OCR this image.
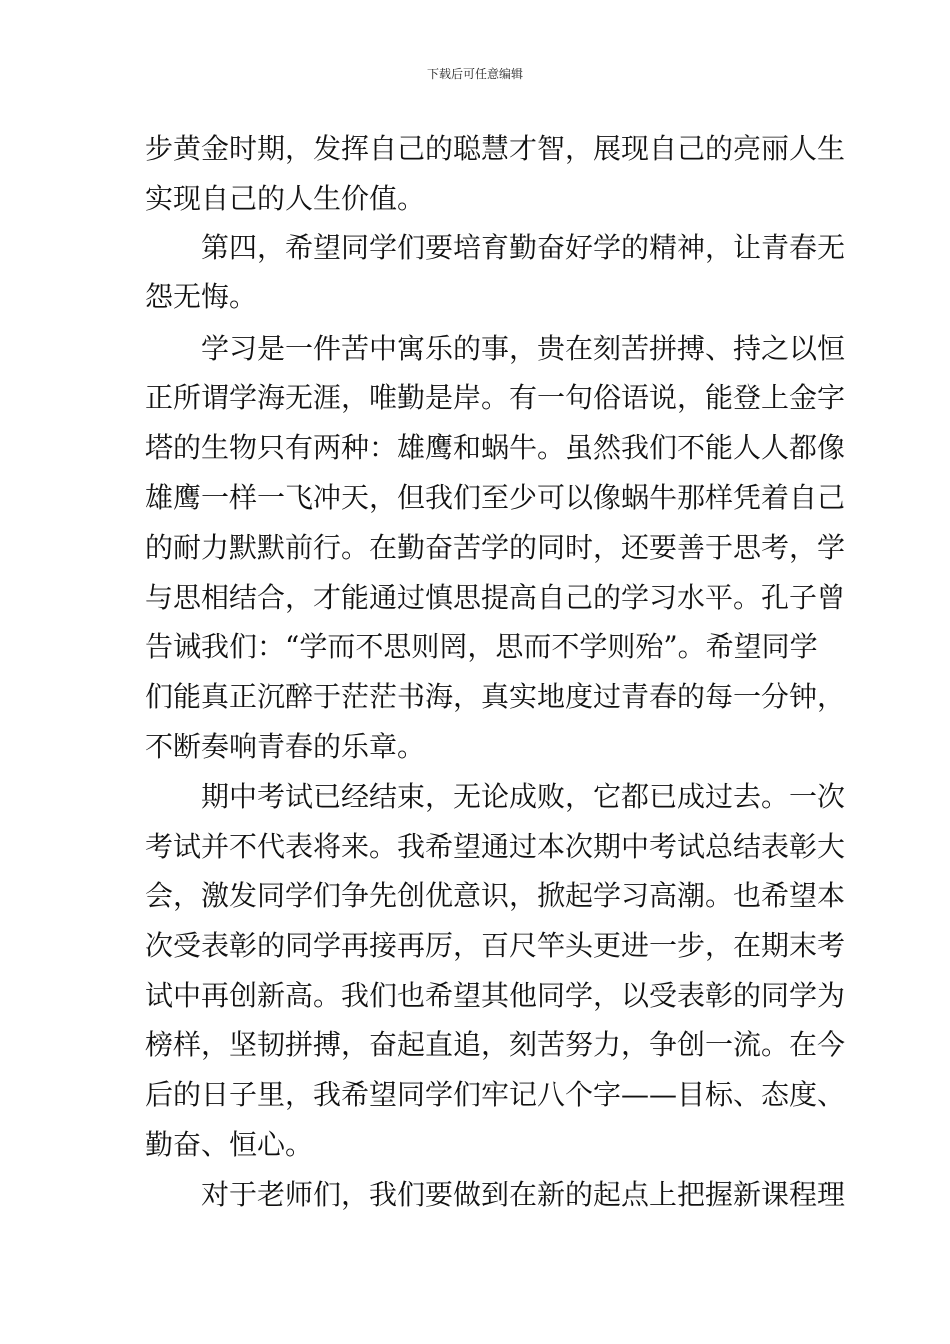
下载后可任意编辑
步黄金时期，发挥自己的聪慧才智，展现自己的亮丽人生
实现自己的人生价值。
　　第四，希望同学们要培育勤奋好学的精神，让青春无
怨无悔。
　　学习是一件苦中寓乐的事，贵在刻苦拼搏、持之以恒
正所谓学海无涯，唯勤是岸。有一句俗语说，能登上金字
塔的生物只有两种：雄鹰和蜗牛。虽然我们不能人人都像
雄鹰一样一飞冲天，但我们至少可以像蜗牛那样凭着自己
的耐力默默前行。在勤奋苦学的同时，还要善于思考，学
与思相结合，才能通过慎思提高自己的学习水平。孔子曾
告诫我们：“学而不思则罔，思而不学则殆”。希望同学
们能真正沉醉于茫茫书海，真实地度过青春的每一分钟，
不断奏响青春的乐章。
　　期中考试已经结束，无论成败，它都已成过去。一次
考试并不代表将来。我希望通过本次期中考试总结表彰大
会，激发同学们争先创优意识，掀起学习高潮。也希望本
次受表彰的同学再接再厉，百尺竿头更进一步，在期末考
试中再创新高。我们也希望其他同学，以受表彰的同学为
榜样，坚韧拼搏，奋起直追，刻苦努力，争创一流。在今
后的日子里，我希望同学们牢记八个字——目标、态度、
勤奋、恒心。
　　对于老师们，我们要做到在新的起点上把握新课程理
